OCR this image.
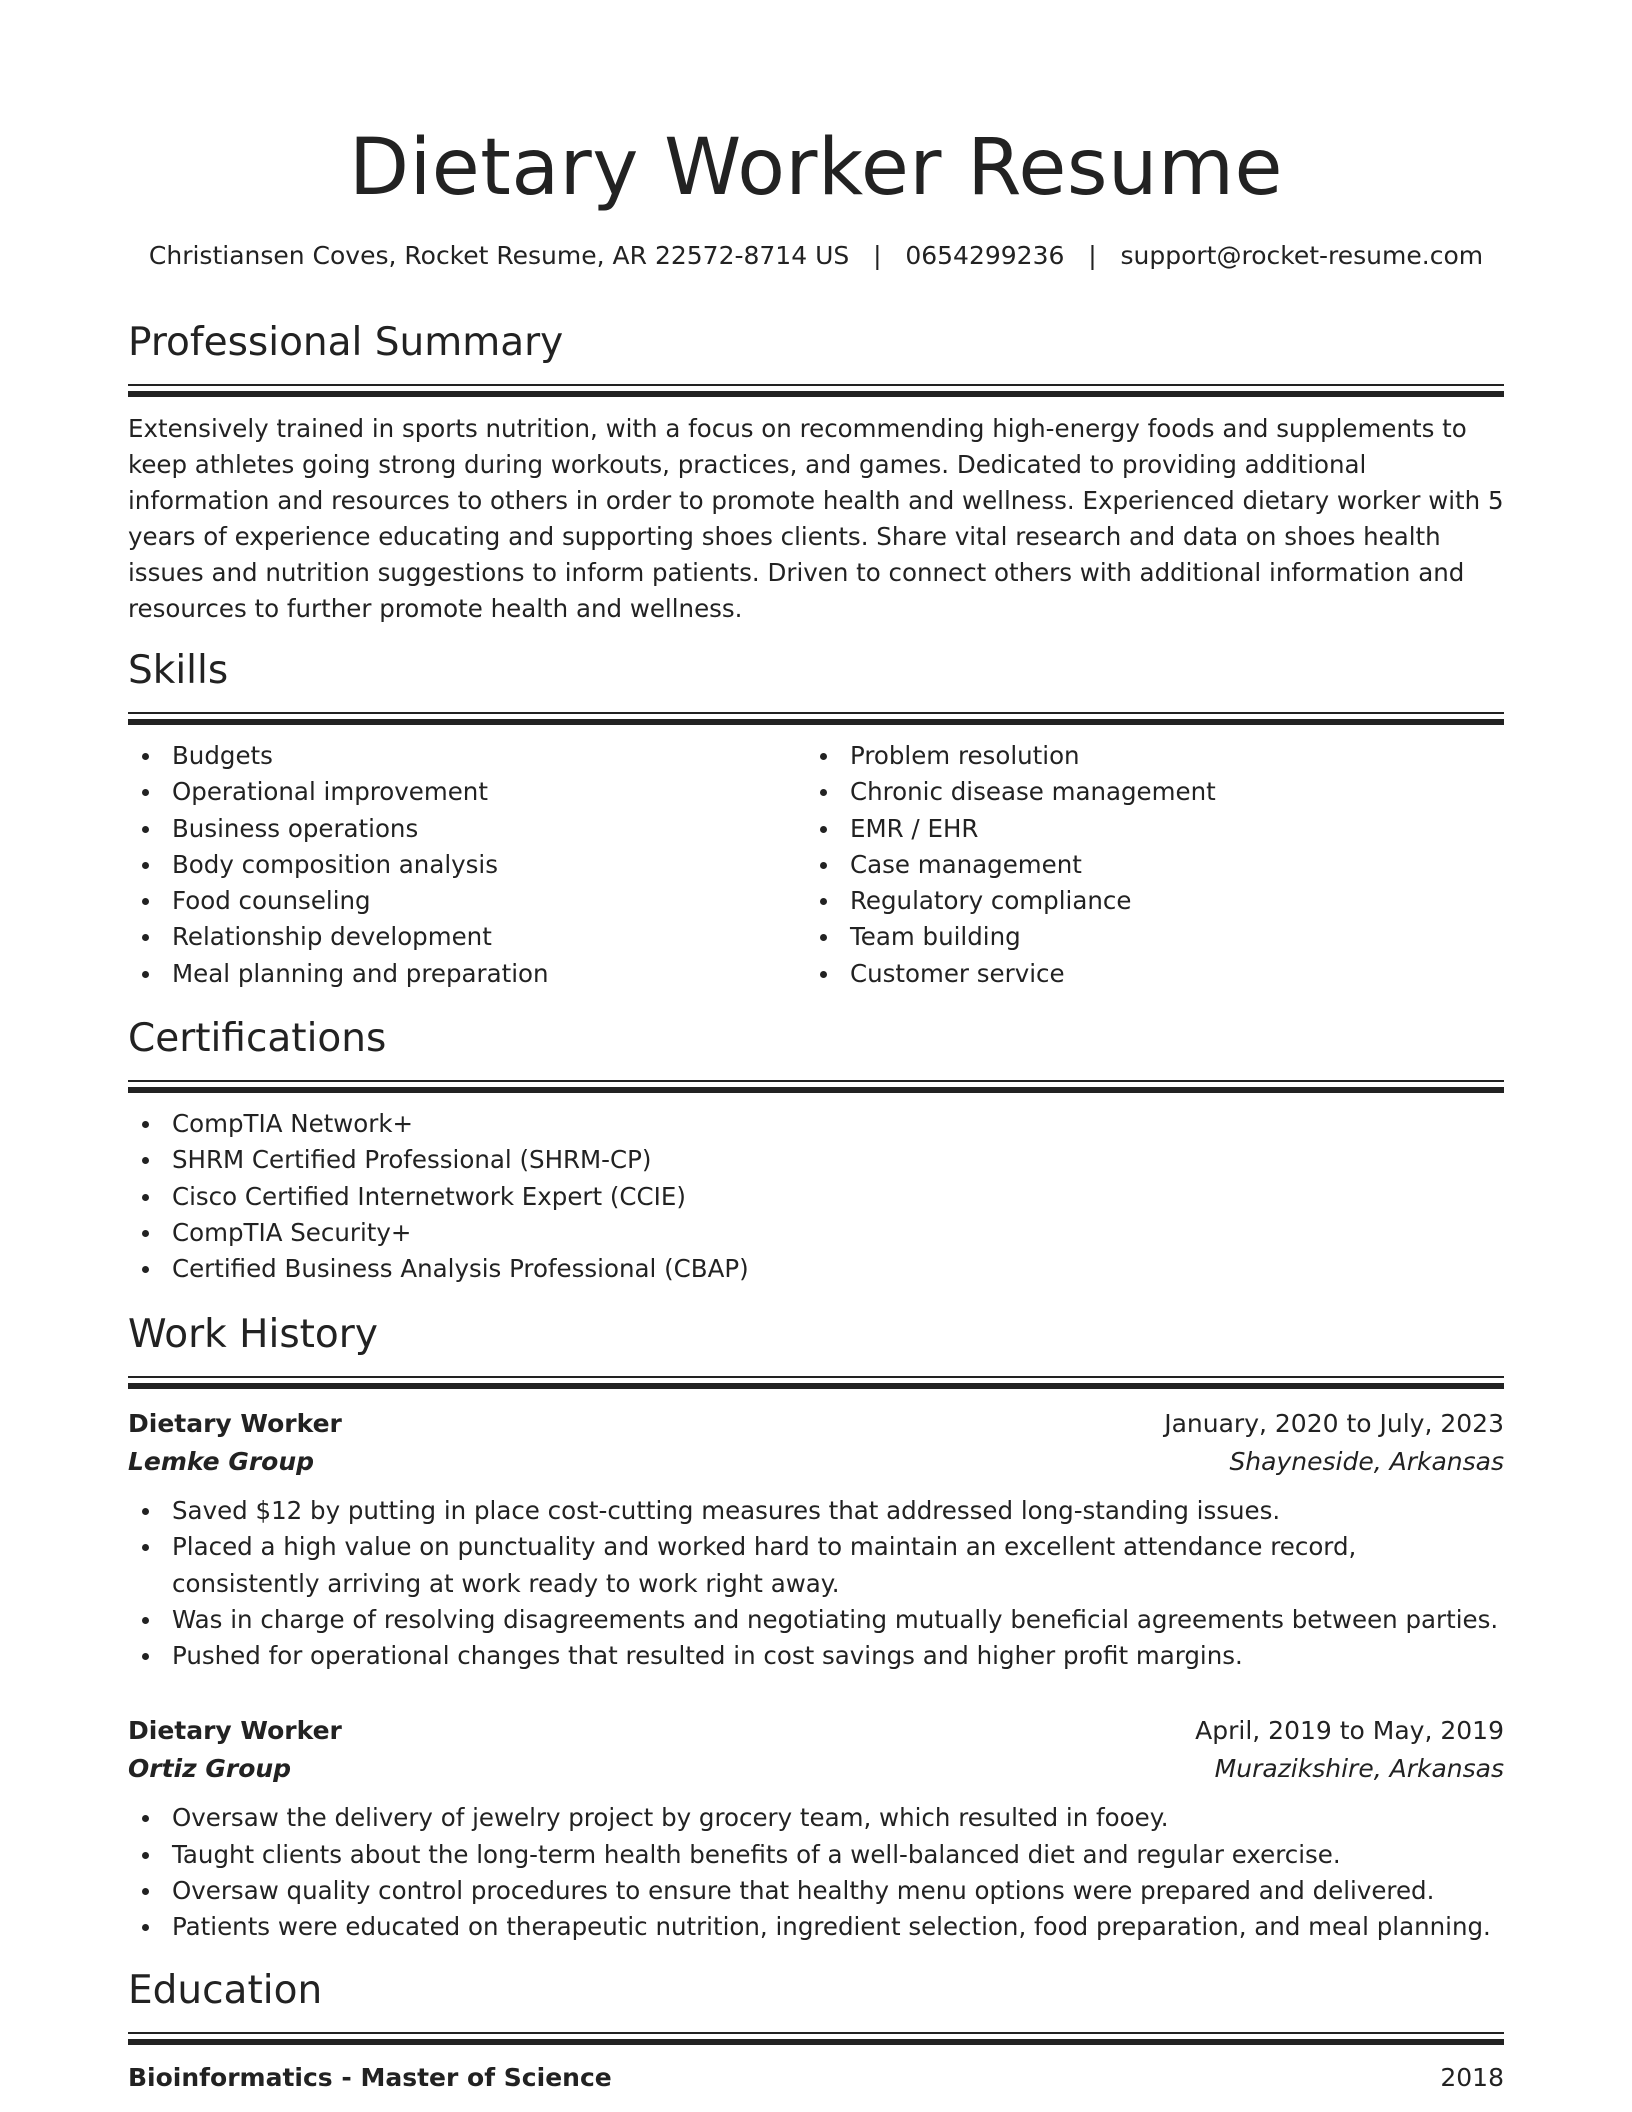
Dietary Worker Resume
Christiansen Coves, Rocket Resume, AR 22572-8714 US   |   0654299236   |   support@rocket-resume.com
Professional Summary

Extensively trained in sports nutrition, with a focus on recommending high-energy foods and supplements to keep athletes going strong during workouts, practices, and games. Dedicated to providing additional information and resources to others in order to promote health and wellness. Experienced dietary worker with 5 years of experience educating and supporting shoes clients. Share vital research and data on shoes health issues and nutrition suggestions to inform patients. Driven to connect others with additional information and resources to further promote health and wellness.

Skills
Budgets
Operational improvement
Business operations
Body composition analysis
Food counseling
Relationship development
Meal planning and preparation
Problem resolution
Chronic disease management
EMR / EHR
Case management
Regulatory compliance
Team building
Customer service
Certifications
CompTIA Network+
SHRM Certified Professional (SHRM-CP)
Cisco Certified Internetwork Expert (CCIE)
CompTIA Security+
Certified Business Analysis Professional (CBAP)
Work History
Dietary Worker	January, 2020 to July, 2023
Lemke Group	Shayneside, Arkansas
Saved $12 by putting in place cost-cutting measures that addressed long-standing issues.
Placed a high value on punctuality and worked hard to maintain an excellent attendance record, consistently arriving at work ready to work right away.
Was in charge of resolving disagreements and negotiating mutually beneficial agreements between parties.
Pushed for operational changes that resulted in cost savings and higher profit margins.
Dietary Worker	April, 2019 to May, 2019
Ortiz Group	Murazikshire, Arkansas
Oversaw the delivery of jewelry project by grocery team, which resulted in fooey.
Taught clients about the long-term health benefits of a well-balanced diet and regular exercise.
Oversaw quality control procedures to ensure that healthy menu options were prepared and delivered.
Patients were educated on therapeutic nutrition, ingredient selection, food preparation, and meal planning.
Education
Bioinformatics - Master of Science	2018
